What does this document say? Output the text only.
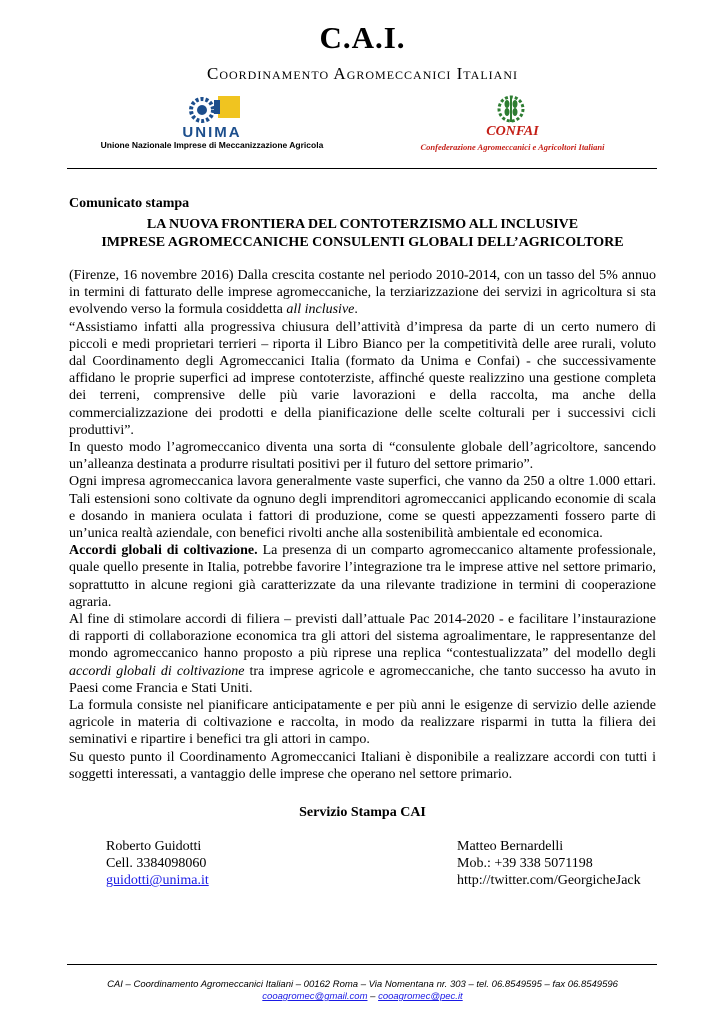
C.A.I.
Coordinamento Agromeccanici Italiani
UNIMA
Unione Nazionale Imprese di Meccanizzazione Agricola
CONFAI
Confederazione Agromeccanici e Agricoltori Italiani
Comunicato stampa
LA NUOVA FRONTIERA DEL CONTOTERZISMO ALL INCLUSIVE
IMPRESE AGROMECCANICHE CONSULENTI GLOBALI DELL’AGRICOLTORE

(Firenze, 16 novembre 2016) Dalla crescita costante nel periodo 2010-2014, con un tasso del 5% annuo in termini di fatturato delle imprese agromeccaniche, la terziarizzazione dei servizi in agricoltura si sta evolvendo verso la formula cosiddetta all inclusive.

“Assistiamo infatti alla progressiva chiusura dell’attività d’impresa da parte di un certo numero di piccoli e medi proprietari terrieri – riporta il Libro Bianco per la competitività delle aree rurali, voluto dal Coordinamento degli Agromeccanici Italia (formato da Unima e Confai) - che successivamente affidano le proprie superfici ad imprese contoterziste, affinché queste realizzino una gestione completa dei terreni, comprensive delle più varie lavorazioni e della raccolta, ma anche della commercializzazione dei prodotti e della pianificazione delle scelte colturali per i successivi cicli produttivi”.

In questo modo l’agromeccanico diventa una sorta di “consulente globale dell’agricoltore, sancendo un’alleanza destinata a produrre risultati positivi per il futuro del settore primario”.

Ogni impresa agromeccanica lavora generalmente vaste superfici, che vanno da 250 a oltre 1.000 ettari. Tali estensioni sono coltivate da ognuno degli imprenditori agromeccanici applicando economie di scala e dosando in maniera oculata i fattori di produzione, come se questi appezzamenti fossero parte di un’unica realtà aziendale, con benefici rivolti anche alla sostenibilità ambientale ed economica.

Accordi globali di coltivazione. La presenza di un comparto agromeccanico altamente professionale, quale quello presente in Italia, potrebbe favorire l’integrazione tra le imprese attive nel settore primario, soprattutto in alcune regioni già caratterizzate da una rilevante tradizione in termini di cooperazione agraria.

Al fine di stimolare accordi di filiera – previsti dall’attuale Pac 2014-2020 - e facilitare l’instaurazione di rapporti di collaborazione economica tra gli attori del sistema agroalimentare, le rappresentanze del mondo agromeccanico hanno proposto a più riprese una replica “contestualizzata” del modello degli accordi globali di coltivazione tra imprese agricole e agromeccaniche, che tanto successo ha avuto in Paesi come Francia e Stati Uniti.

La formula consiste nel pianificare anticipatamente e per più anni le esigenze di servizio delle aziende agricole in materia di coltivazione e raccolta, in modo da realizzare risparmi in tutta la filiera dei seminativi e ripartire i benefici tra gli attori in campo.

Su questo punto il Coordinamento Agromeccanici Italiani è disponibile a realizzare accordi con tutti i soggetti interessati, a vantaggio delle imprese che operano nel settore primario.

Servizio Stampa CAI
Roberto Guidotti
Cell. 3384098060
guidotti@unima.it
Matteo Bernardelli
Mob.: +39 338 5071198
http://twitter.com/GeorgicheJack
CAI – Coordinamento Agromeccanici Italiani – 00162 Roma – Via Nomentana nr. 303 – tel. 06.8549595 – fax 06.8549596
cooagromec@gmail.com – cooagromec@pec.it
